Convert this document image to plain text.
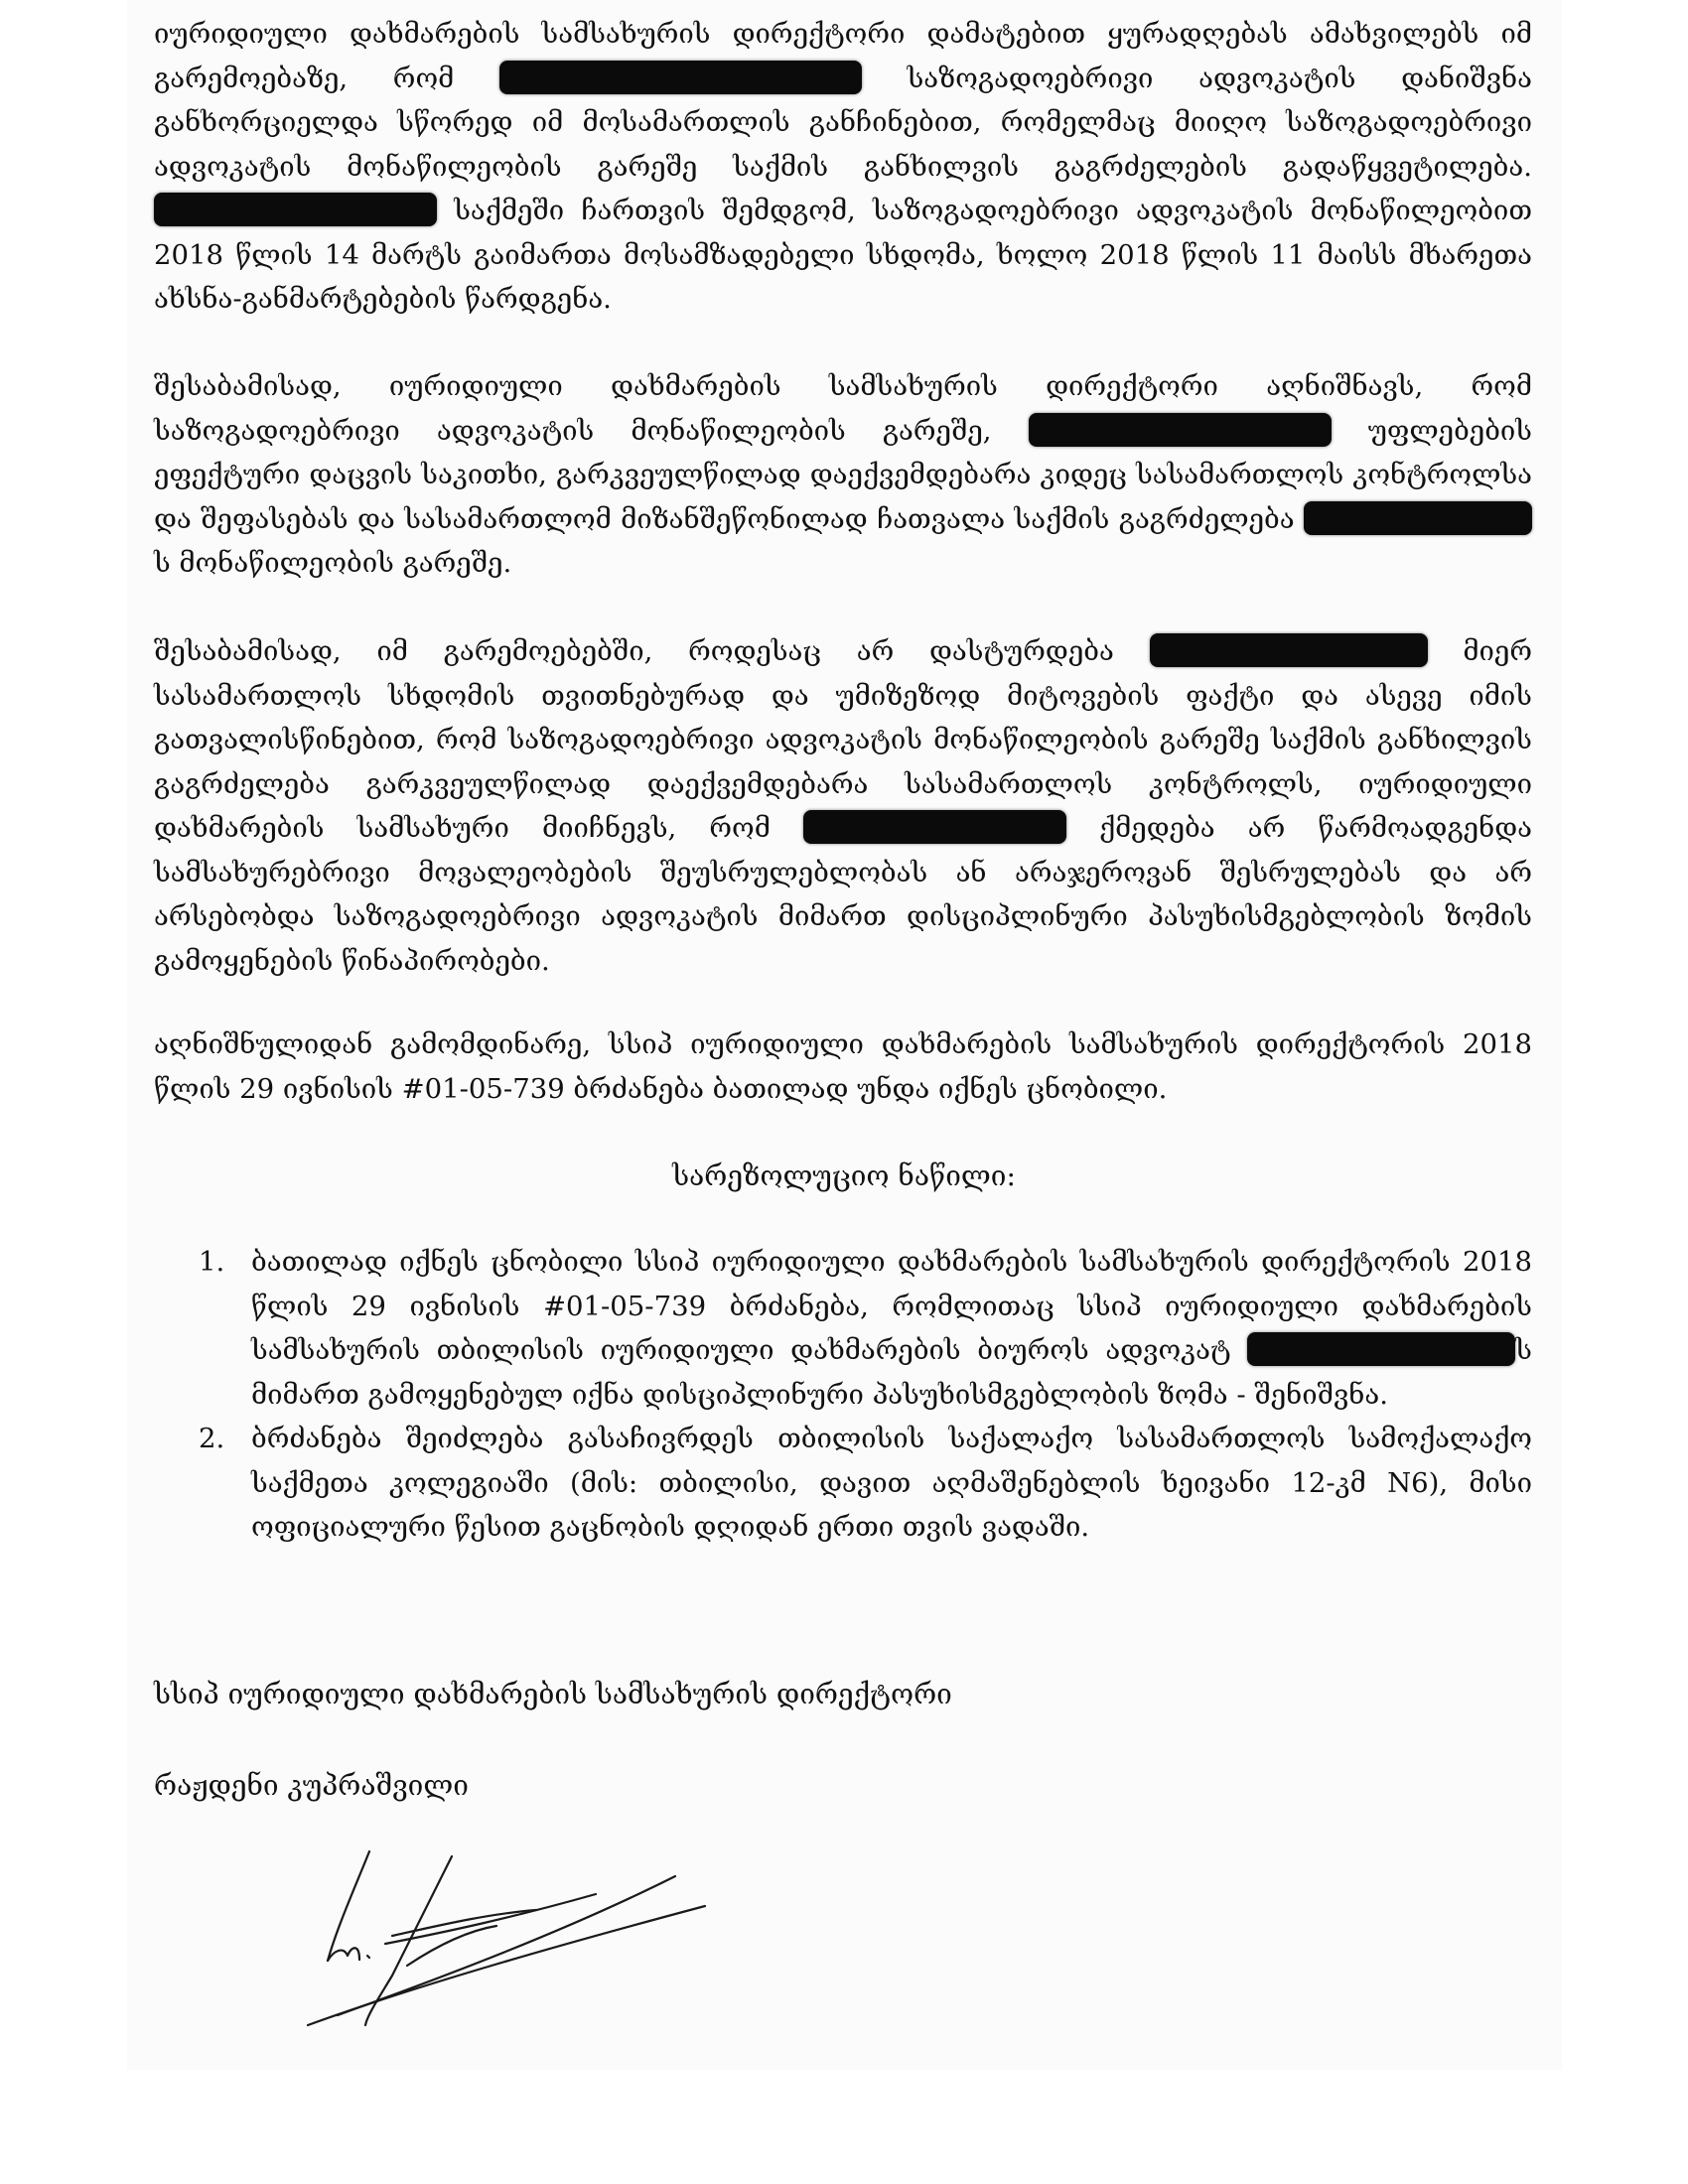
იურიდიული დახმარების სამსახურის დირექტორი დამატებით ყურადღებას ამახვილებს იმ გარემოებაზე, რომ	საზოგადოებრივი ადვოკატის დანიშვნა განხორციელდა სწორედ იმ მოსამართლის განჩინებით, რომელმაც მიიღო საზოგადოებრივი ადვოკატის მონაწილეობის გარეშე საქმის განხილვის გაგრძელების გადაწყვეტილება.  საქმეში ჩართვის შემდგომ, საზოგადოებრივი ადვოკატის მონაწილეობით 2018 წლის 14 მარტს გაიმართა მოსამზადებელი სხდომა, ხოლო 2018 წლის 11 მაისს მხარეთა ახსნა-განმარტებების წარდგენა.

შესაბამისად, იურიდიული დახმარების სამსახურის დირექტორი აღნიშნავს, რომ საზოგადოებრივი ადვოკატის მონაწილეობის გარეშე,	უფლებების ეფექტური დაცვის საკითხი, გარკვეულწილად დაექვემდებარა კიდეც სასამართლოს კონტროლსა და შეფასებას და სასამართლომ მიზანშეწონილად ჩათვალა საქმის გაგრძელება ს მონაწილეობის გარეშე.

შესაბამისად, იმ გარემოებებში, როდესაც არ დასტურდება	მიერ სასამართლოს სხდომის თვითნებურად და უმიზეზოდ მიტოვების ფაქტი და ასევე იმის გათვალისწინებით, რომ საზოგადოებრივი ადვოკატის მონაწილეობის გარეშე საქმის განხილვის გაგრძელება გარკვეულწილად დაექვემდებარა სასამართლოს კონტროლს, იურიდიული დახმარების სამსახური მიიჩნევს, რომ	ქმედება არ წარმოადგენდა სამსახურებრივი მოვალეობების შეუსრულებლობას ან არაჯეროვან შესრულებას და არ არსებობდა საზოგადოებრივი ადვოკატის მიმართ დისციპლინური პასუხისმგებლობის ზომის გამოყენების წინაპირობები.

აღნიშნულიდან გამომდინარე, სსიპ იურიდიული დახმარების სამსახურის დირექტორის 2018 წლის 29 ივნისის #01-05-739 ბრძანება ბათილად უნდა იქნეს ცნობილი.

სარეზოლუციო ნაწილი:

1. ბათილად იქნეს ცნობილი სსიპ იურიდიული დახმარების სამსახურის დირექტორის 2018 წლის 29 ივნისის #01-05-739 ბრძანება, რომლითაც სსიპ იურიდიული დახმარების სამსახურის თბილისის იურიდიული დახმარების ბიუროს ადვოკატ	ს მიმართ გამოყენებულ იქნა დისციპლინური პასუხისმგებლობის ზომა - შენიშვნა.
2. ბრძანება შეიძლება გასაჩივრდეს თბილისის საქალაქო სასამართლოს სამოქალაქო საქმეთა კოლეგიაში (მის: თბილისი, დავით აღმაშენებლის ხეივანი 12-კმ N6), მისი ოფიციალური წესით გაცნობის დღიდან ერთი თვის ვადაში.

სსიპ იურიდიული დახმარების სამსახურის დირექტორი

რაჟდენი კუპრაშვილი
